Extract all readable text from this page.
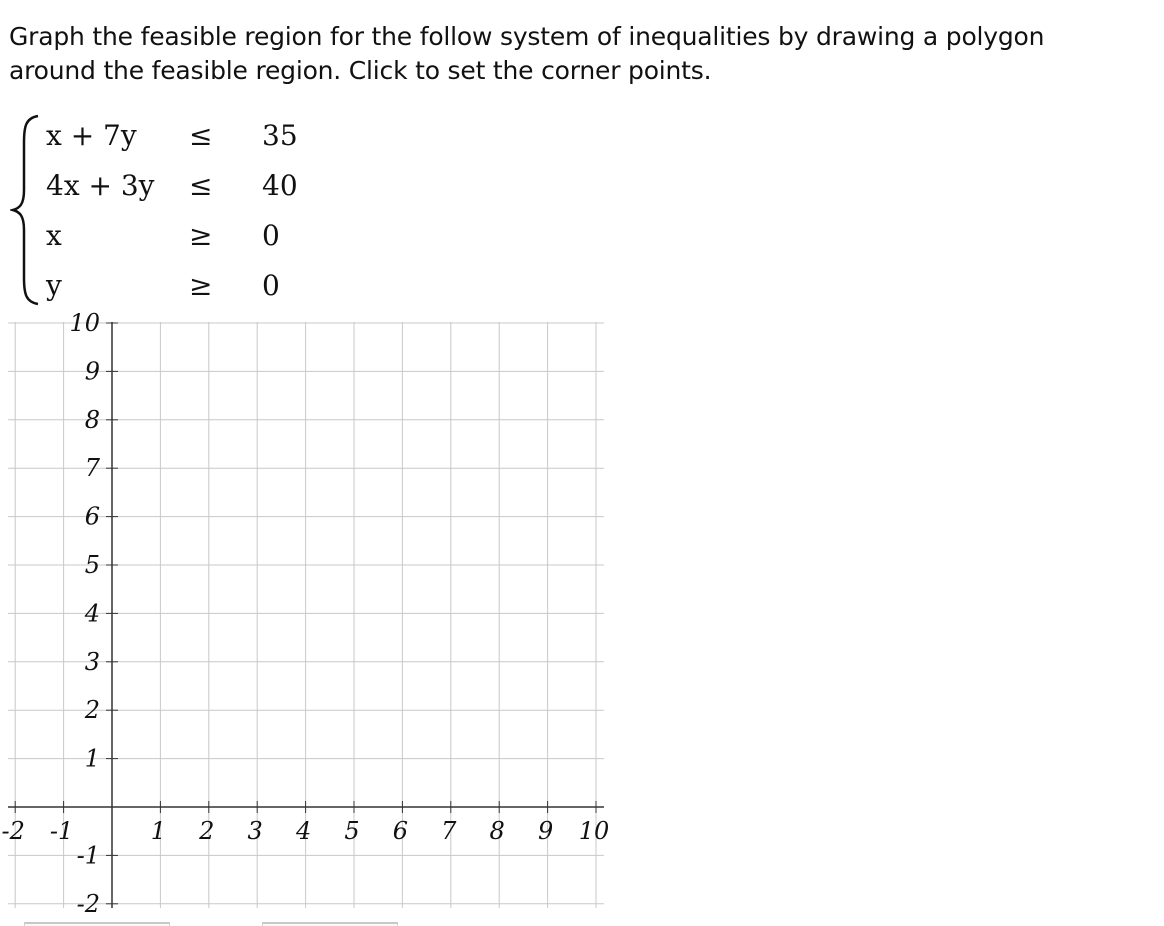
Graph the feasible region for the follow system of inequalities by drawing a polygon
around the feasible region. Click to set the corner points.
x + 7y ≤ 35
4x + 3y ≤ 40
x	≥ 0
y	≥ 0
-2 -1	1 2 3 4 5 6 7 8 9 10
10
9
8
7
6
5
4
3
2
1
-1
-2
